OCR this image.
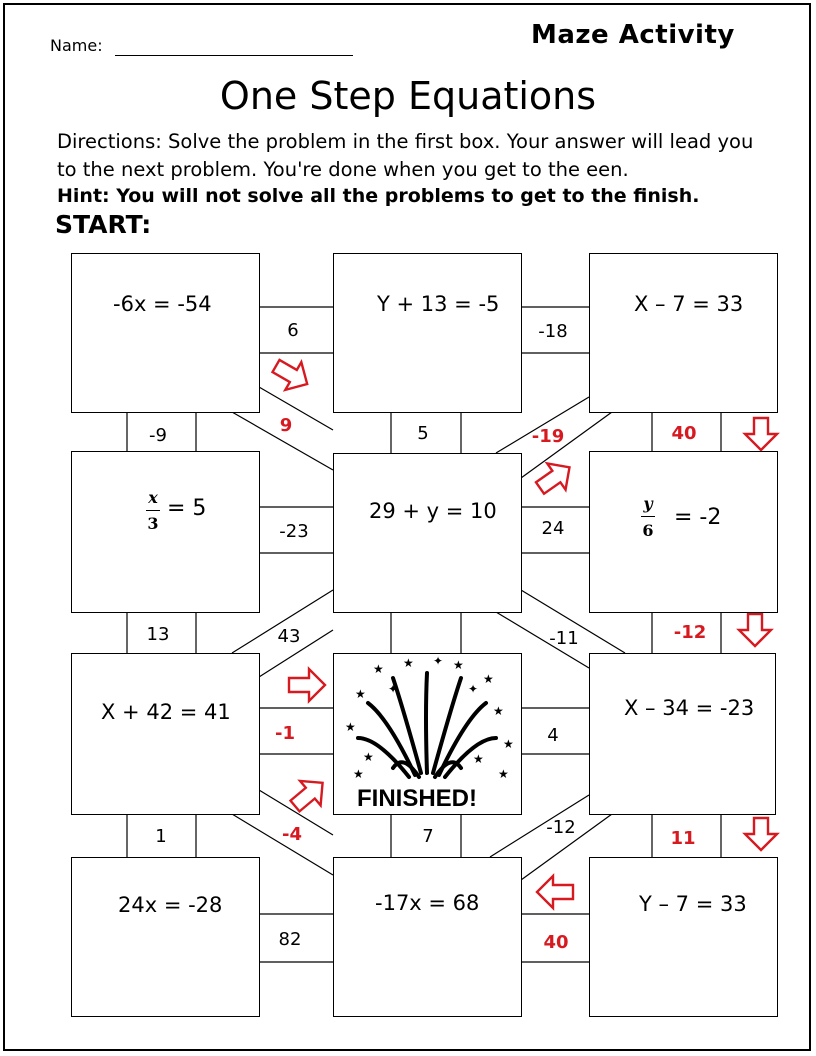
Name:	Maze Activity
One Step Equations
Directions: Solve the problem in the first box. Your answer will lead you to the next problem. You're done when you get to the een.
Hint: You will not solve all the problems to get to the finish.
START:
-6x = -54	Y + 13 = -5	X – 7 = 33
x
3
= 5	29 + y = 10	y
6
= -2
X + 42 = 41	X – 34 = -23
24x = -28	-17x = 68	Y – 7 = 33
★ ★	★
★
★
★
★
★
★	★
✦	✦
★	★
✦
FINISHED!
6	-18
-9	9	5	-19	40
-23	24
13	43	-11	-12
-1	4
1	-4	7	-12
11
82	40
